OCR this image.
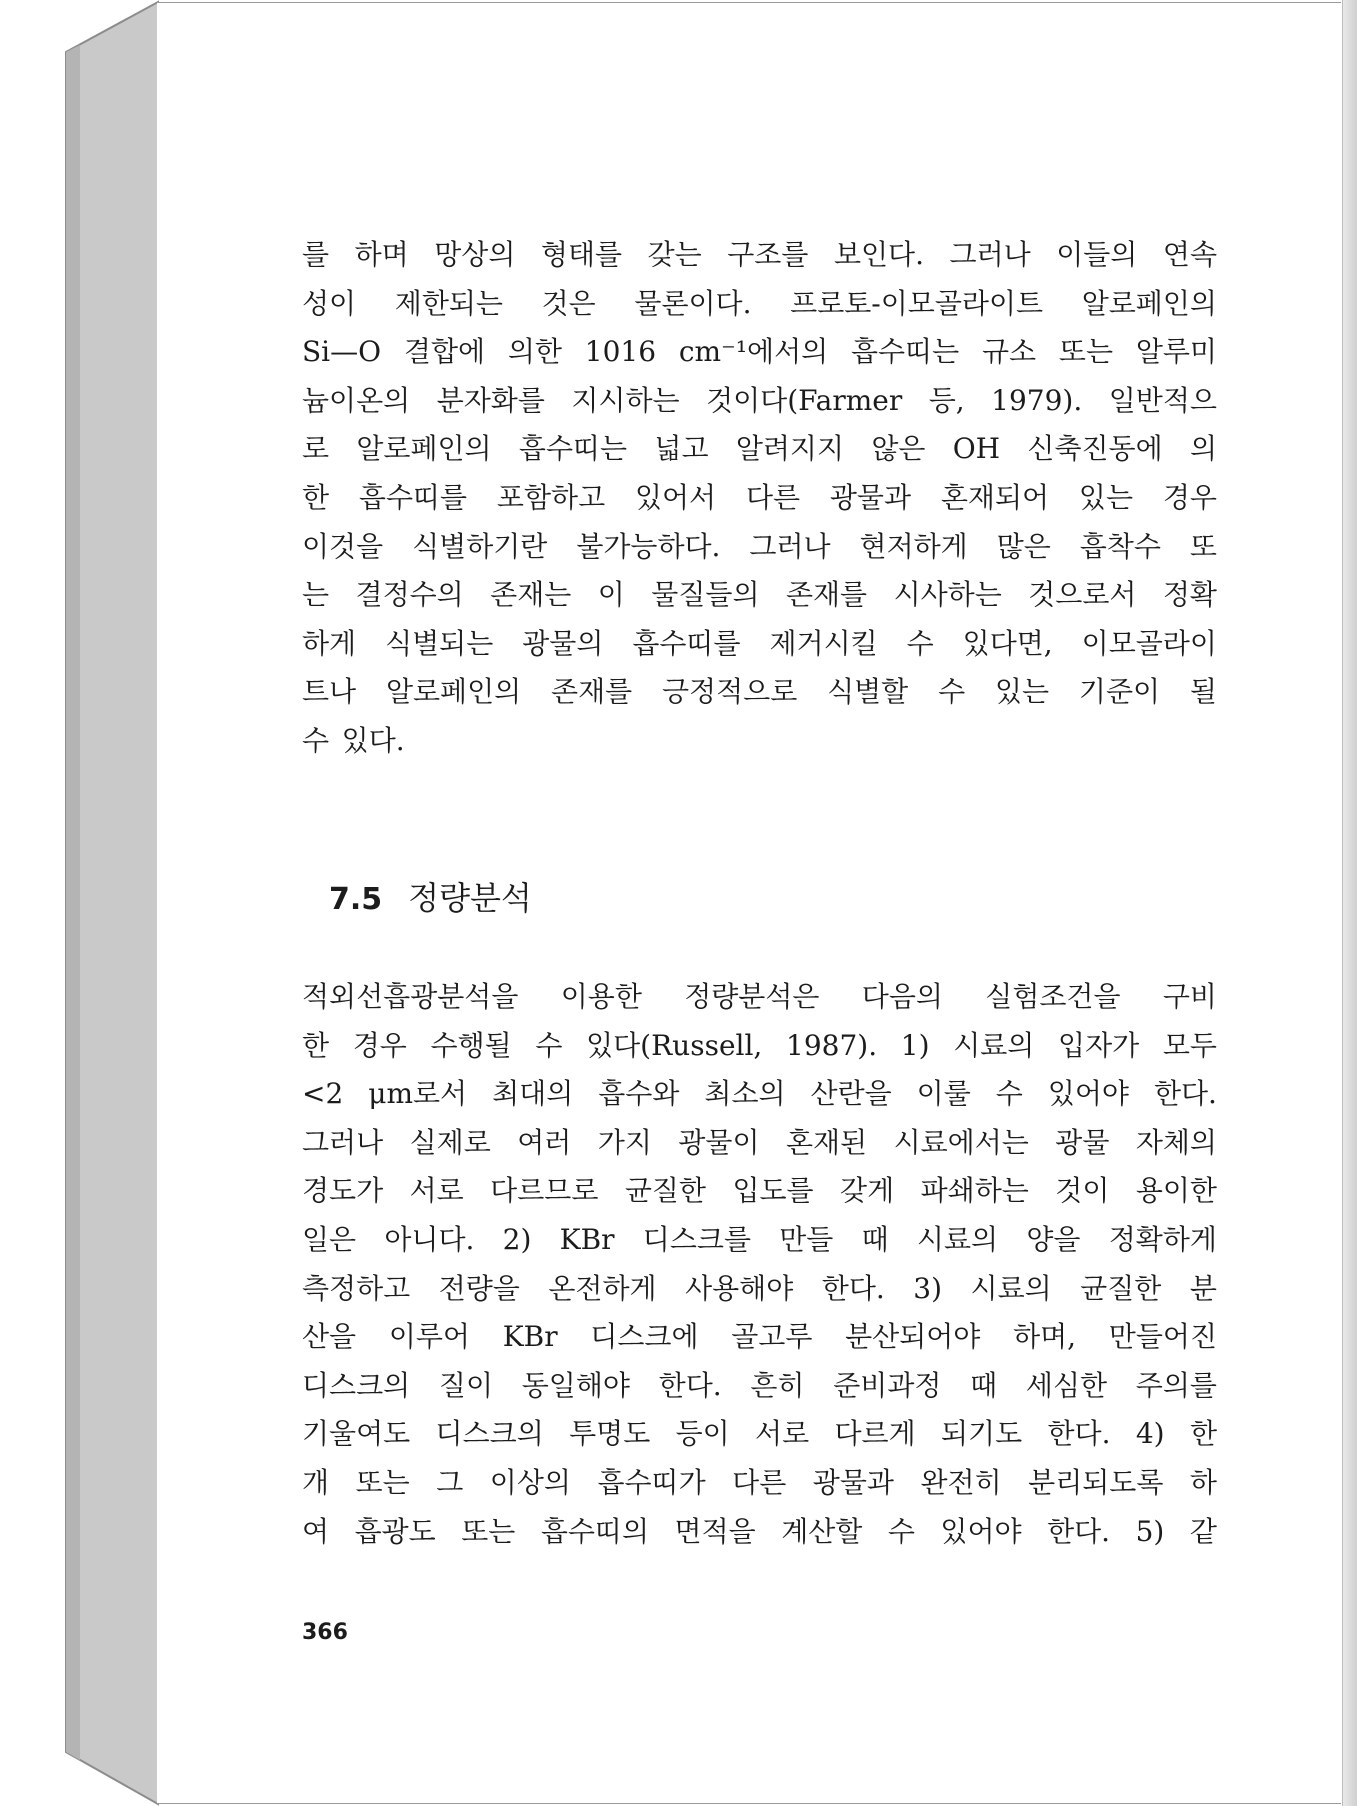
를 하며 망상의 형태를 갖는 구조를 보인다. 그러나 이들의 연속
성이 제한되는 것은 물론이다. 프로토-이모골라이트 알로페인의
Si—O 결합에 의한 1016 cm⁻¹에서의 흡수띠는 규소 또는 알루미
늄이온의 분자화를 지시하는 것이다(Farmer 등, 1979). 일반적으
로 알로페인의 흡수띠는 넓고 알려지지 않은 OH 신축진동에 의
한 흡수띠를 포함하고 있어서 다른 광물과 혼재되어 있는 경우
이것을 식별하기란 불가능하다. 그러나 현저하게 많은 흡착수 또
는 결정수의 존재는 이 물질들의 존재를 시사하는 것으로서 정확
하게 식별되는 광물의 흡수띠를 제거시킬 수 있다면, 이모골라이
트나 알로페인의 존재를 긍정적으로 식별할 수 있는 기준이 될
수 있다.
7.5 정량분석
적외선흡광분석을 이용한 정량분석은 다음의 실험조건을 구비
한 경우 수행될 수 있다(Russell, 1987). 1) 시료의 입자가 모두
<2 μm로서 최대의 흡수와 최소의 산란을 이룰 수 있어야 한다.
그러나 실제로 여러 가지 광물이 혼재된 시료에서는 광물 자체의
경도가 서로 다르므로 균질한 입도를 갖게 파쇄하는 것이 용이한
일은 아니다. 2) KBr 디스크를 만들 때 시료의 양을 정확하게
측정하고 전량을 온전하게 사용해야 한다. 3) 시료의 균질한 분
산을 이루어 KBr 디스크에 골고루 분산되어야 하며, 만들어진
디스크의 질이 동일해야 한다. 흔히 준비과정 때 세심한 주의를
기울여도 디스크의 투명도 등이 서로 다르게 되기도 한다. 4) 한
개 또는 그 이상의 흡수띠가 다른 광물과 완전히 분리되도록 하
여 흡광도 또는 흡수띠의 면적을 계산할 수 있어야 한다. 5) 같
366
